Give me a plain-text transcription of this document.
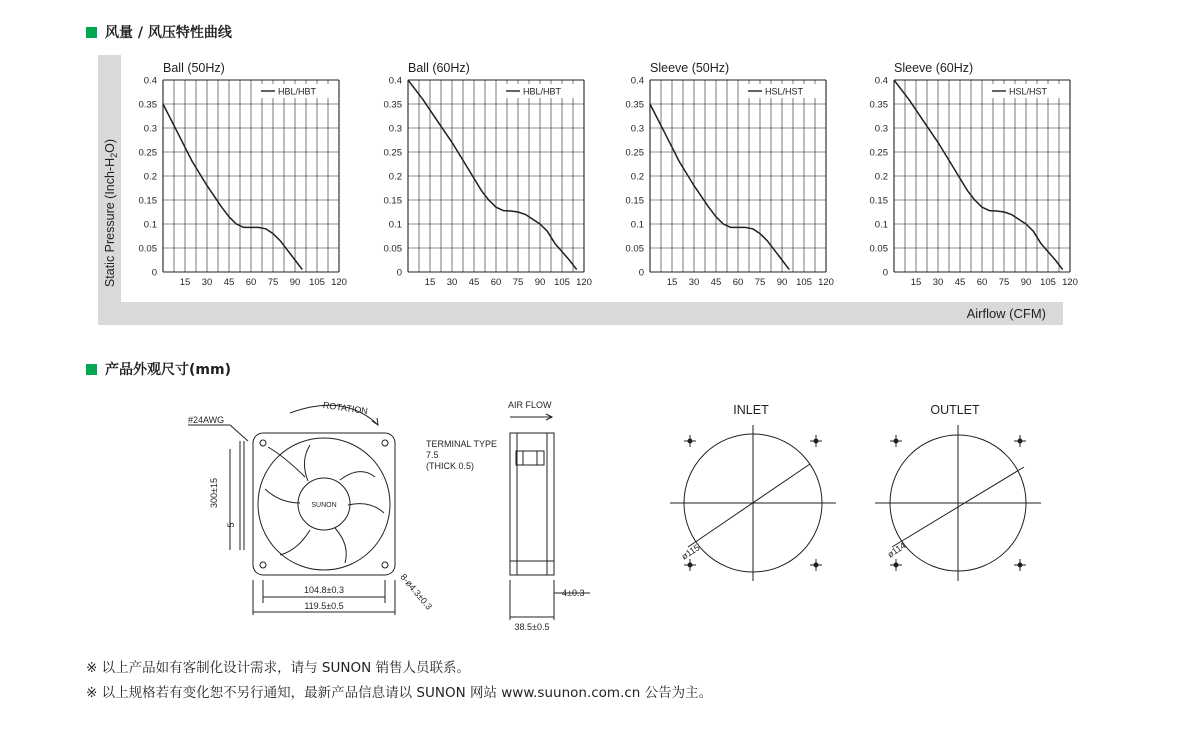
风量 / 风压特性曲线
Static Pressure $(Inch-H_2O)$
Airflow (CFM)
Ball (50Hz)
0
0.05
0.1
0.15
0.2
0.25
0.3
0.35
0.4
15 30 45 60 75 90 105 120
HBL/HBT
Ball (60Hz)
0
0.05
0.1
0.15
0.2
0.25
0.3
0.35
0.4
15 30 45 60 75 90 105 120
HBL/HBT
Sleeve (50Hz)
0
0.05
0.1
0.15
0.2
0.25
0.3
0.35
0.4
15 30 45 60 75 90 105 120
HSL/HST
Sleeve (60Hz)
0
0.05
0.1
0.15
0.2
0.25
0.3
0.35
0.4
15 30 45 60 75 90 105 120
HSL/HST
产品外观尺寸(mm)
#24AWG
ROTATION
SUNON
300±15
5
104.8±0.3
119.5±0.5	8-ø4.3±0.3
AIR FLOW
TERMINAL TYPE
7.5
(THICK 0.5)
4±0.3
38.5±0.5
INLET
ø115
OUTLET
ø114
※ 以上产品如有客制化设计需求，请与 SUNON 销售人员联系。
※ 以上规格若有变化恕不另行通知，最新产品信息请以 SUNON 网站 www.suunon.com.cn 公告为主。
